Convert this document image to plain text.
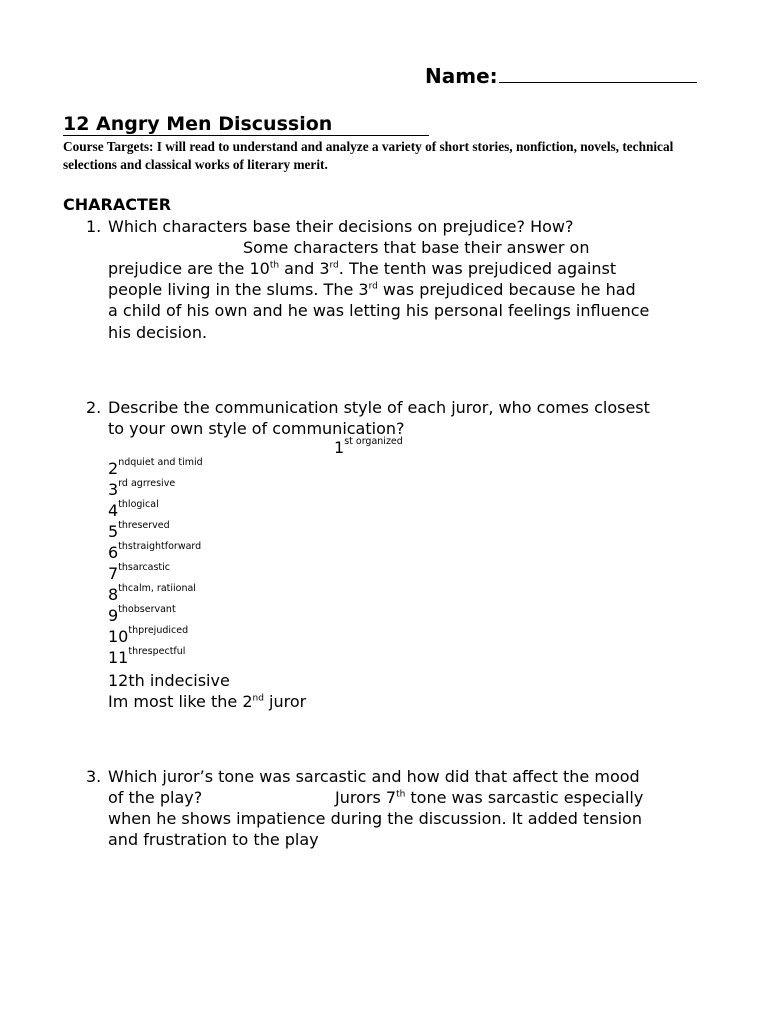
Name:
12 Angry Men Discussion
Course Targets: I will read to understand and analyze a variety of short stories, nonfiction, novels, technical selections and classical works of literary merit.
CHARACTER
1. Which characters base their decisions on prejudice? How?
Some characters that base their answer on
prejudice are the 10th and 3rd. The tenth was prejudiced against
people living in the slums. The 3rd was prejudiced because he had
a child of his own and he was letting his personal feelings influence
his decision.
2. Describe the communication style of each juror, who comes closest
to your own style of communication?
$1^{st organized}$
$2^{ndquiet and timid}$
$3^{rd agrresive}$
$4^{thlogical}$
$5^{threserved}$
$6^{thstraightforward}$
$7^{thsarcastic}$
$8^{thcalm, ratiional}$
$9^{thobservant}$
$10^{thprejudiced}$
$11^{threspectful}$
12th indecisive
Im most like the 2nd juror
3. Which juror’s tone was sarcastic and how did that affect the mood
of the play?	Jurors 7th tone was sarcastic especially
when he shows impatience during the discussion. It added tension
and frustration to the play
